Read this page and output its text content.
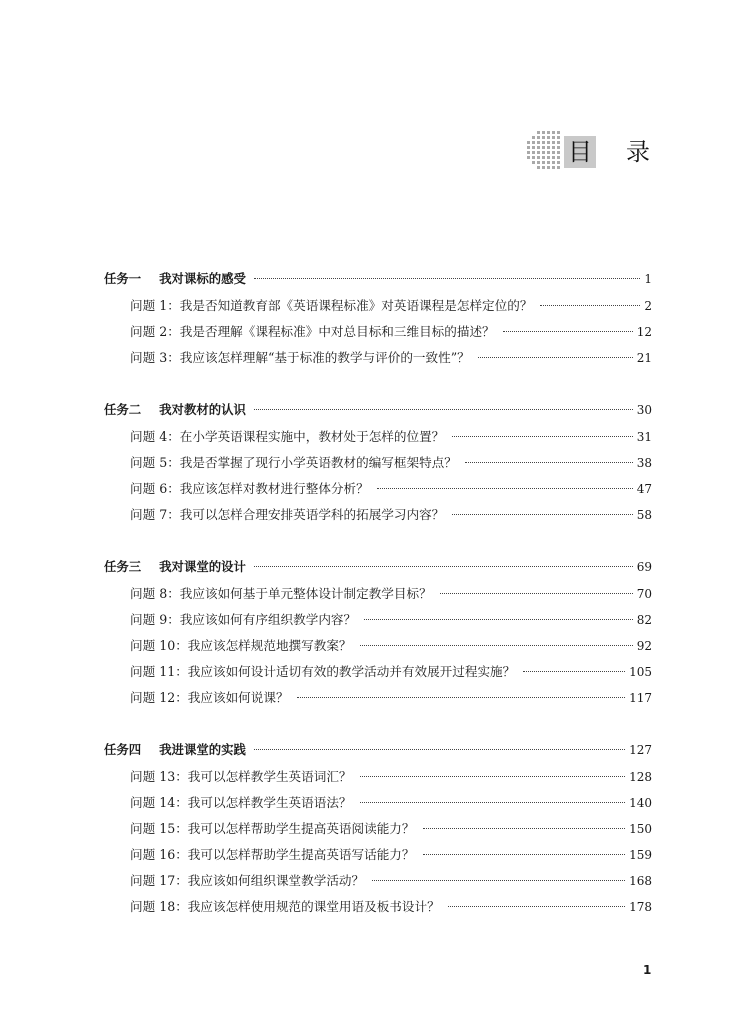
目 录
任务一 我对课标的感受	1
问题 1：我是否知道教育部《英语课程标准》对英语课程是怎样定位的？	2
问题 2：我是否理解《课程标准》中对总目标和三维目标的描述？	12
问题 3：我应该怎样理解“基于标准的教学与评价的一致性”？	21
任务二 我对教材的认识	30
问题 4：在小学英语课程实施中，教材处于怎样的位置？	31
问题 5：我是否掌握了现行小学英语教材的编写框架特点？	38
问题 6：我应该怎样对教材进行整体分析？	47
问题 7：我可以怎样合理安排英语学科的拓展学习内容？	58
任务三 我对课堂的设计	69
问题 8：我应该如何基于单元整体设计制定教学目标？	70
问题 9：我应该如何有序组织教学内容？	82
问题 10：我应该怎样规范地撰写教案？	92
问题 11：我应该如何设计适切有效的教学活动并有效展开过程实施？	105
问题 12：我应该如何说课？	117
任务四 我进课堂的实践	127
问题 13：我可以怎样教学生英语词汇？	128
问题 14：我可以怎样教学生英语语法？	140
问题 15：我可以怎样帮助学生提高英语阅读能力？	150
问题 16：我可以怎样帮助学生提高英语写话能力？	159
问题 17：我应该如何组织课堂教学活动？	168
问题 18：我应该怎样使用规范的课堂用语及板书设计？	178
1
